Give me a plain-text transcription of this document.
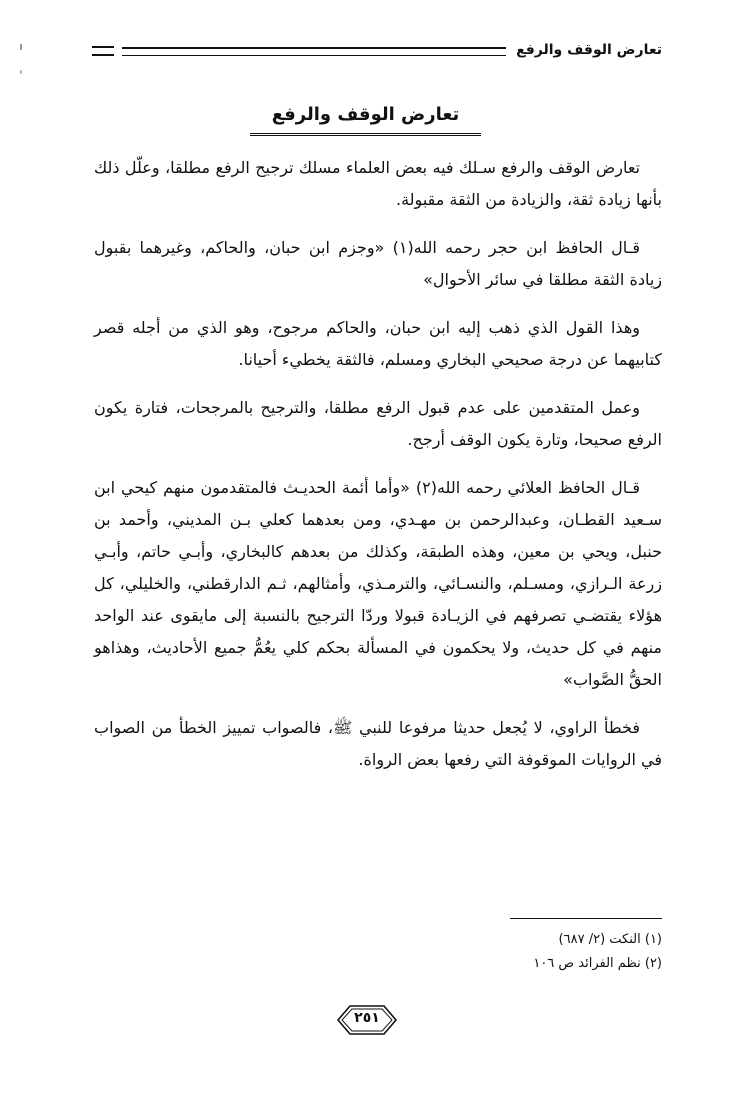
تعارض الوقف والرفع
تعارض الوقف والرفع

تعارض الوقف والرفع سـلك فيه بعض العلماء مسلك ترجيح الرفع مطلقا، وعلّل ذلك بأنها زيادة ثقة، والزيادة من الثقة مقبولة.

قـال الحافظ ابن حجر رحمه الله(١) «وجزم ابن حبان، والحاكم، وغيرهما بقبول زيادة الثقة مطلقا في سائر الأحوال»

وهذا القول الذي ذهب إليه ابن حبان، والحاكم مرجوح، وهو الذي من أجله قصر كتابيهما عن درجة صحيحي البخاري ومسلم، فالثقة يخطيء أحيانا.

وعمل المتقدمين على عدم قبول الرفع مطلقا، والترجيح بالمرجحات، فتارة يكون الرفع صحيحا، وتارة يكون الوقف أرجح.

قـال الحافظ العلائي رحمه الله(٢) «وأما أئمة الحديـث فالمتقدمون منهم كيحي ابن سـعيد القطـان، وعبدالرحمن بن مهـدي، ومن بعدهما كعلي بـن المديني، وأحمد بن حنبل، ويحي بن معين، وهذه الطبقة، وكذلك من بعدهم كالبخاري، وأبـي حاتم، وأبـي زرعة الـرازي، ومسـلم، والنسـائي، والترمـذي، وأمثالهم، ثـم الدارقطني، والخليلي، كل هؤلاء يقتضـي تصرفهم في الزيـادة قبولا وردّا الترجيح بالنسبة إلى مايقوى عند الواحد منهم في كل حديث، ولا يحكمون في المسألة بحكم كلي يعُمُّ جميع الأحاديث، وهذاهو الحقُّ الصَّواب»

فخطأ الراوي، لا يُجعل حديثا مرفوعا للنبي ﷺ، فالصواب تمييز الخطأ من الصواب في الروايات الموقوفة التي رفعها بعض الرواة.

(١) النكت (٢/ ٦٨٧)
(٢) نظم الفرائد ص ١٠٦
٢٥١
